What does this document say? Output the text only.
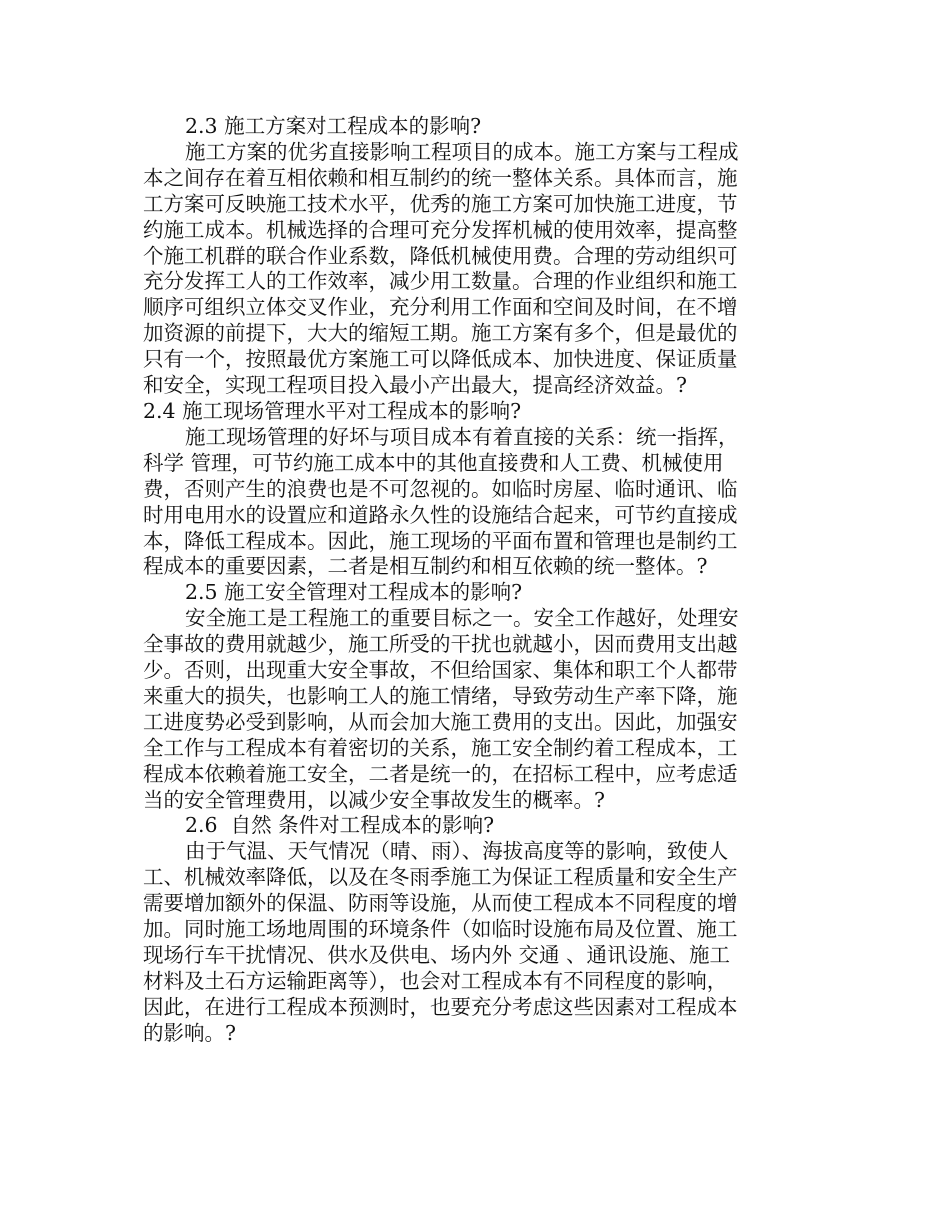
2.3 施工方案对工程成本的影响?

施工方案的优劣直接影响工程项目的成本。施工方案与工程成本之间存在着互相依赖和相互制约的统一整体关系。具体而言，施工方案可反映施工技术水平，优秀的施工方案可加快施工进度，节约施工成本。机械选择的合理可充分发挥机械的使用效率，提高整个施工机群的联合作业系数，降低机械使用费。合理的劳动组织可充分发挥工人的工作效率，减少用工数量。合理的作业组织和施工顺序可组织立体交叉作业，充分利用工作面和空间及时间，在不增加资源的前提下，大大的缩短工期。施工方案有多个，但是最优的只有一个，按照最优方案施工可以降低成本、加快进度、保证质量和安全，实现工程项目投入最小产出最大，提高经济效益。?            2.4 施工现场管理水平对工程成本的影响?

施工现场管理的好坏与项目成本有着直接的关系：统一指挥， 科学 管理，可节约施工成本中的其他直接费和人工费、机械使用费，否则产生的浪费也是不可忽视的。如临时房屋、临时通讯、临时用电用水的设置应和道路永久性的设施结合起来，可节约直接成本，降低工程成本。因此，施工现场的平面布置和管理也是制约工程成本的重要因素，二者是相互制约和相互依赖的统一整体。?

2.5 施工安全管理对工程成本的影响?

安全施工是工程施工的重要目标之一。安全工作越好，处理安全事故的费用就越少，施工所受的干扰也就越小，因而费用支出越少。否则，出现重大安全事故，不但给国家、集体和职工个人都带来重大的损失，也影响工人的施工情绪，导致劳动生产率下降，施工进度势必受到影响，从而会加大施工费用的支出。因此，加强安全工作与工程成本有着密切的关系，施工安全制约着工程成本，工程成本依赖着施工安全，二者是统一的，在招标工程中，应考虑适当的安全管理费用，以减少安全事故发生的概率。?

2.6  自然 条件对工程成本的影响?

由于气温、天气情况（晴、雨）、海拔高度等的影响，致使人工、机械效率降低，以及在冬雨季施工为保证工程质量和安全生产需要增加额外的保温、防雨等设施，从而使工程成本不同程度的增加。同时施工场地周围的环境条件（如临时设施布局及位置、施工现场行车干扰情况、供水及供电、场内外 交通 、通讯设施、施工材料及土石方运输距离等），也会对工程成本有不同程度的影响，因此，在进行工程成本预测时，也要充分考虑这些因素对工程成本的影响。?
